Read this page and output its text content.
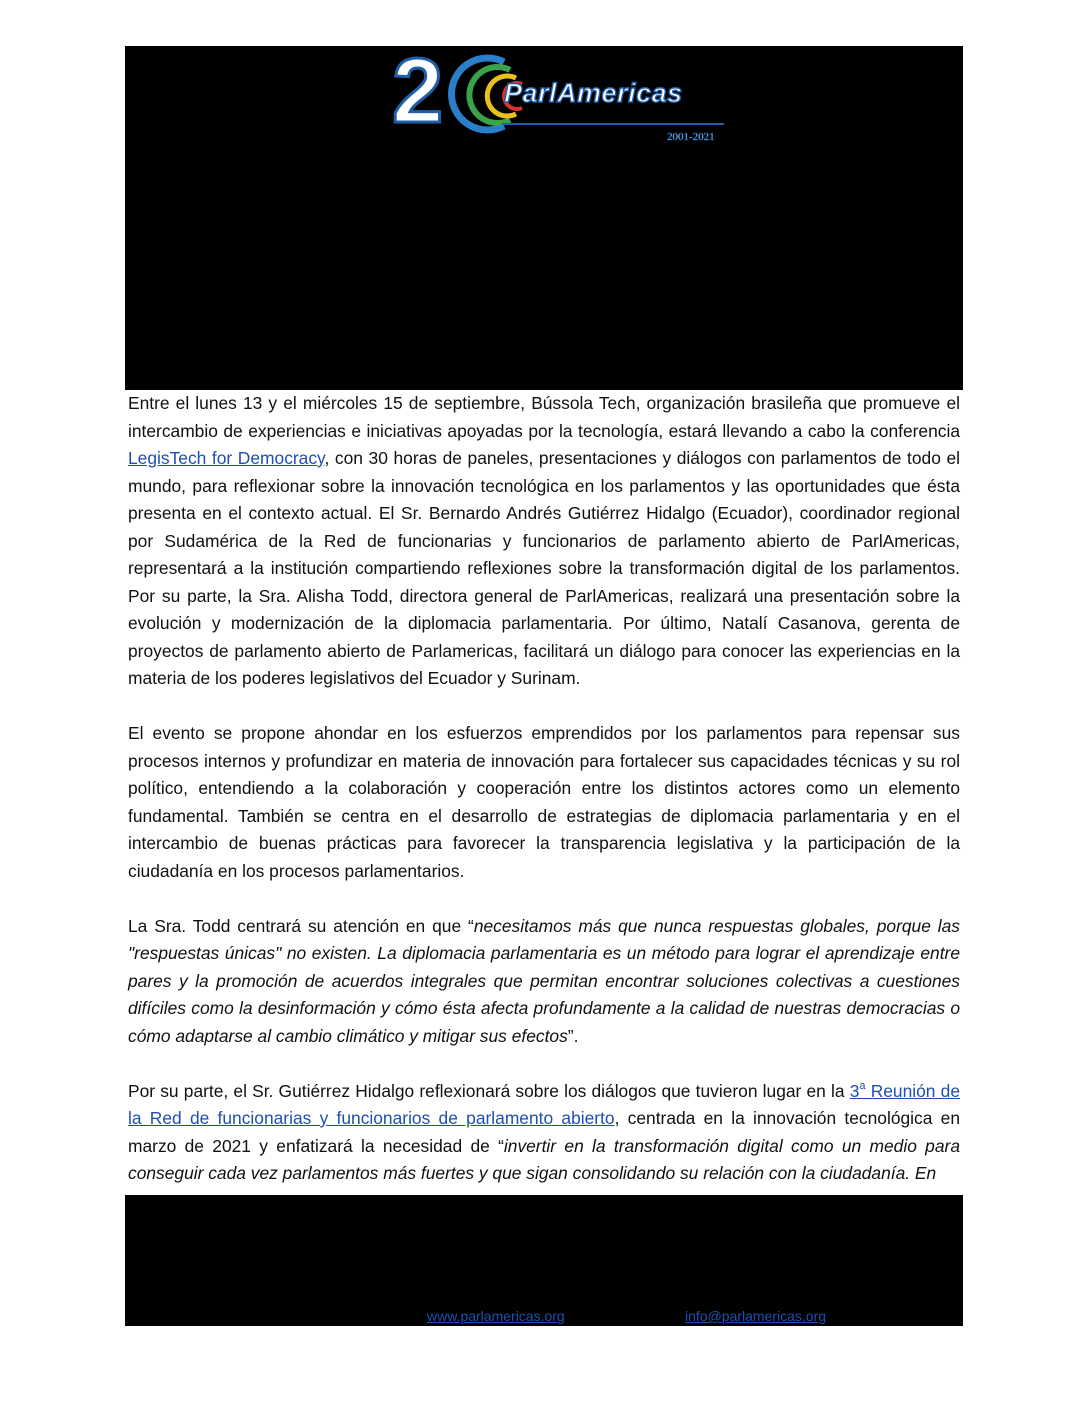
2 ParlAmericas
2001-2021

Entre el lunes 13 y el miércoles 15 de septiembre, Bússola Tech, organización brasileña que promueve el intercambio de experiencias e iniciativas apoyadas por la tecnología, estará llevando a cabo la conferencia LegisTech for Democracy, con 30 horas de paneles, presentaciones y diálogos con parlamentos de todo el mundo, para reflexionar sobre la innovación tecnológica en los parlamentos y las oportunidades que ésta presenta en el contexto actual. El Sr. Bernardo Andrés Gutiérrez Hidalgo (Ecuador), coordinador regional por Sudamérica de la Red de funcionarias y funcionarios de parlamento abierto de ParlAmericas, representará a la institución compartiendo reflexiones sobre la transformación digital de los parlamentos. Por su parte, la Sra. Alisha Todd, directora general de ParlAmericas, realizará una presentación sobre la evolución y modernización de la diplomacia parlamentaria. Por último, Natalí Casanova, gerenta de proyectos de parlamento abierto de Parlamericas, facilitará un diálogo para conocer las experiencias en la materia de los poderes legislativos del Ecuador y Surinam.

El evento se propone ahondar en los esfuerzos emprendidos por los parlamentos para repensar sus procesos internos y profundizar en materia de innovación para fortalecer sus capacidades técnicas y su rol político, entendiendo a la colaboración y cooperación entre los distintos actores como un elemento fundamental. También se centra en el desarrollo de estrategias de diplomacia parlamentaria y en el intercambio de buenas prácticas para favorecer la transparencia legislativa y la participación de la ciudadanía en los procesos parlamentarios.

La Sra. Todd centrará su atención en que “necesitamos más que nunca respuestas globales, porque las "respuestas únicas" no existen. La diplomacia parlamentaria es un método para lograr el aprendizaje entre pares y la promoción de acuerdos integrales que permitan encontrar soluciones colectivas a cuestiones difíciles como la desinformación y cómo ésta afecta profundamente a la calidad de nuestras democracias o cómo adaptarse al cambio climático y mitigar sus efectos”.

Por su parte, el Sr. Gutiérrez Hidalgo reflexionará sobre los diálogos que tuvieron lugar en la 3$^a$ Reunión de la Red de funcionarias y funcionarios de parlamento abierto, centrada en la innovación tecnológica en marzo de 2021 y enfatizará la necesidad de “invertir en la transformación digital como un medio para conseguir cada vez parlamentos más fuertes y que sigan consolidando su relación con la ciudadanía. En

www.parlamericas.org	info@parlamericas.org
